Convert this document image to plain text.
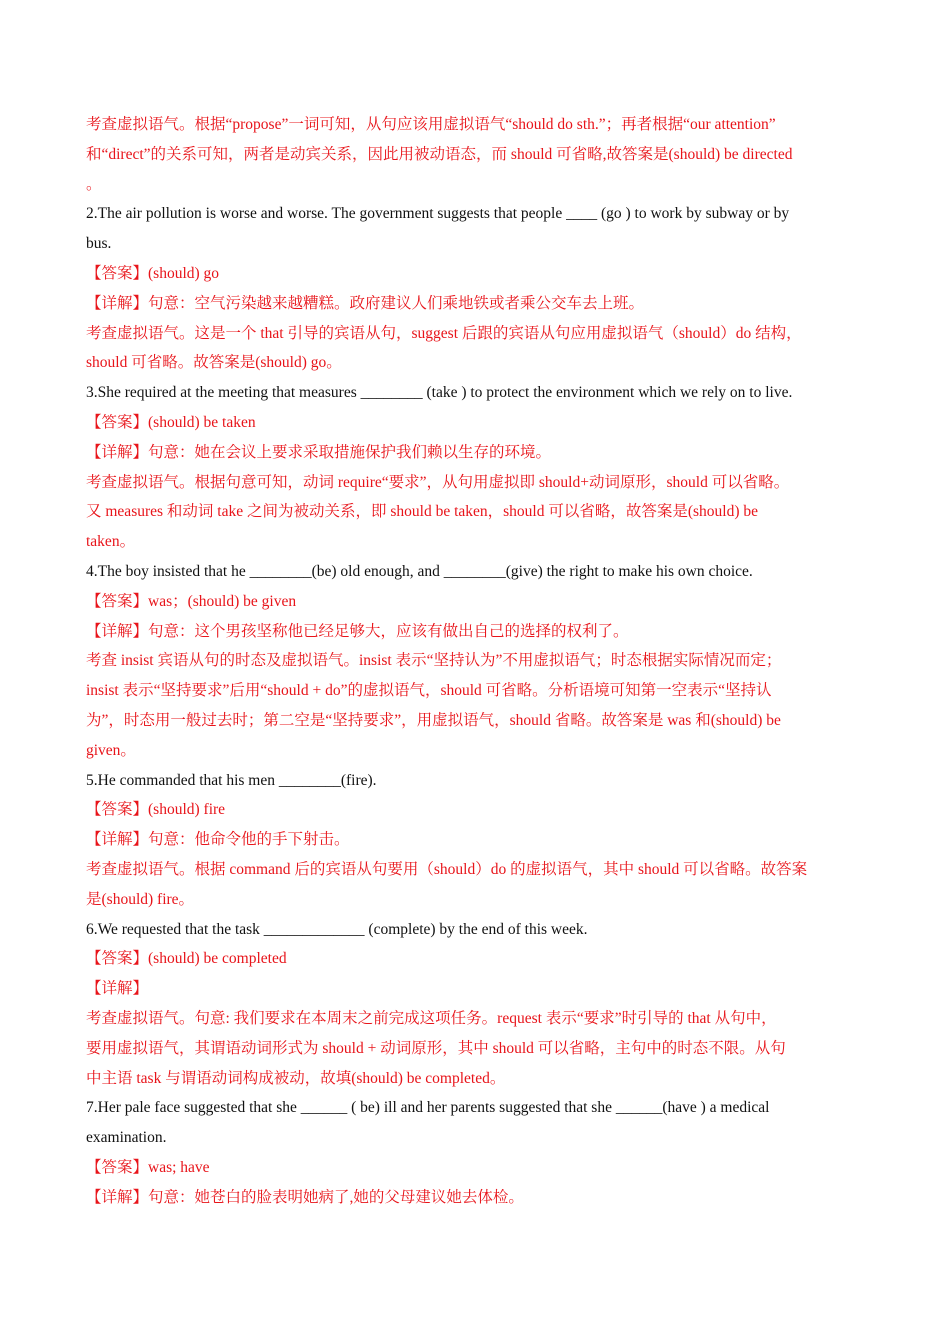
考查虚拟语气。根据“propose”一词可知，从句应该用虚拟语气“should do sth.”；再者根据“our attention”

和“direct”的关系可知，两者是动宾关系，因此用被动语态，而 should 可省略,故答案是(should) be directed

。

2.The air pollution is worse and worse. The government suggests that people ____ (go ) to work by subway or by

bus.

【答案】(should) go

【详解】句意：空气污染越来越糟糕。政府建议人们乘地铁或者乘公交车去上班。

考查虚拟语气。这是一个 that 引导的宾语从句，suggest 后跟的宾语从句应用虚拟语气（should）do 结构，

should 可省略。故答案是(should) go。

3.She required at the meeting that measures ________ (take ) to protect the environment which we rely on to live.

【答案】(should) be taken

【详解】句意：她在会议上要求采取措施保护我们赖以生存的环境。

考查虚拟语气。根据句意可知，动词 require“要求”，从句用虚拟即 should+动词原形，should 可以省略。

又 measures 和动词 take 之间为被动关系，即 should be taken，should 可以省略，故答案是(should) be

taken。

4.The boy insisted that he ________(be) old enough, and ________(give) the right to make his own choice.

【答案】was；(should) be given

【详解】句意：这个男孩坚称他已经足够大，应该有做出自己的选择的权利了。

考查 insist 宾语从句的时态及虚拟语气。insist 表示“坚持认为”不用虚拟语气；时态根据实际情况而定；

insist 表示“坚持要求”后用“should + do”的虚拟语气，should 可省略。分析语境可知第一空表示“坚持认

为”，时态用一般过去时；第二空是“坚持要求”，用虚拟语气，should 省略。故答案是 was 和(should) be

given。

5.He commanded that his men ________(fire).

【答案】(should) fire

【详解】句意：他命令他的手下射击。

考查虚拟语气。根据 command 后的宾语从句要用（should）do 的虚拟语气，其中 should 可以省略。故答案

是(should) fire。

6.We requested that the task _____________ (complete) by the end of this week.

【答案】(should) be completed

【详解】

考查虚拟语气。句意: 我们要求在本周末之前完成这项任务。request 表示“要求”时引导的 that 从句中，

要用虚拟语气，其谓语动词形式为 should + 动词原形，其中 should 可以省略，主句中的时态不限。从句

中主语 task 与谓语动词构成被动，故填(should) be completed。

7.Her pale face suggested that she ______ ( be) ill and her parents suggested that she ______(have ) a medical

examination.

【答案】was; have

【详解】句意：她苍白的脸表明她病了,她的父母建议她去体检。
